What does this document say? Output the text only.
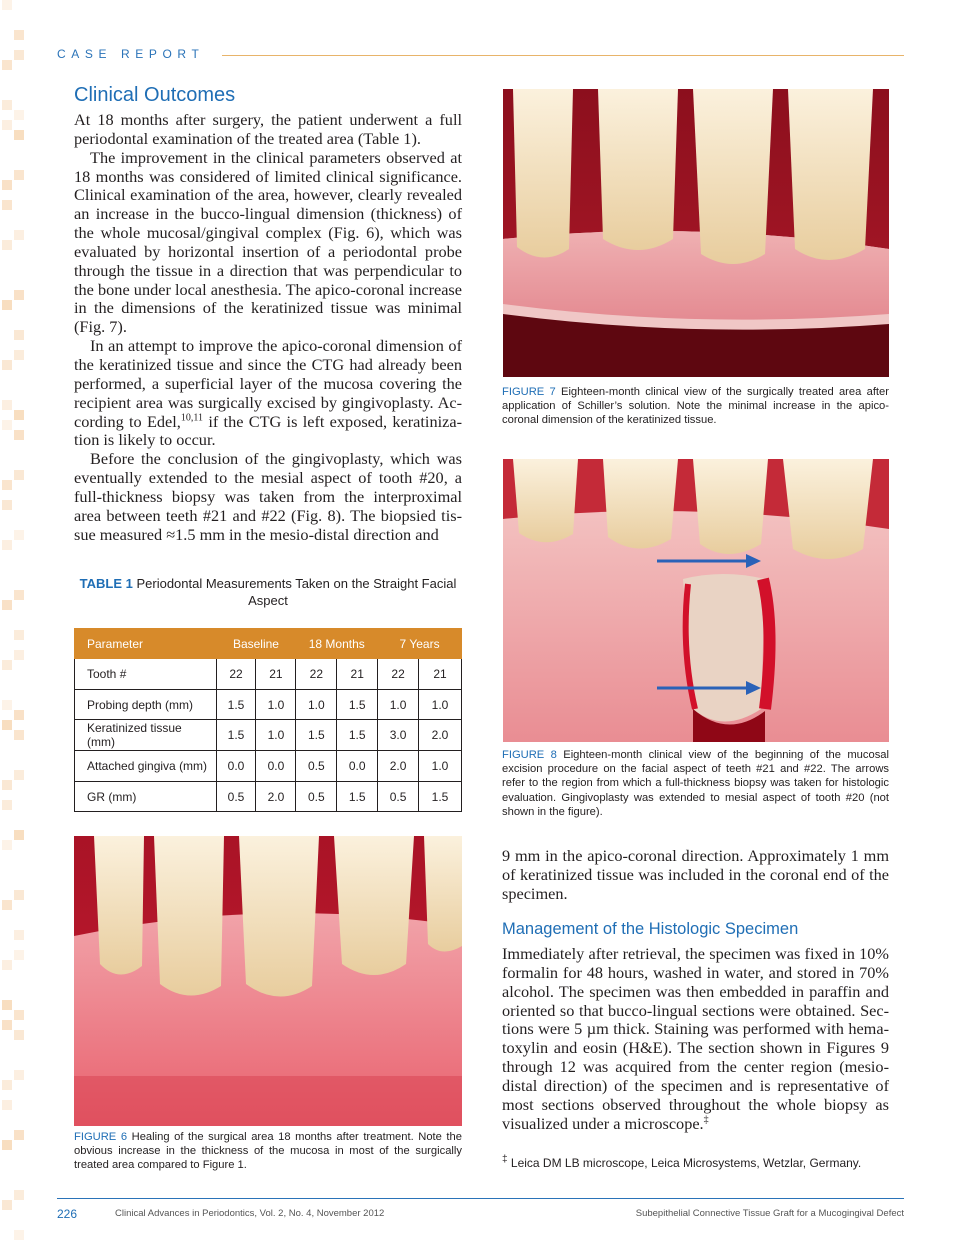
CASE REPORT
Clinical Outcomes

At 18 months after surgery, the patient underwent a full periodontal examination of the treated area (Table 1).

The improvement in the clinical parameters observed at 18 months was considered of limited clinical significance. Clinical examination of the area, however, clearly revealed an increase in the bucco-lingual dimension (thickness) of the whole mucosal/gingival complex (Fig. 6), which was evaluated by horizontal insertion of a periodontal probe through the tissue in a direction that was perpendicular to the bone under local anesthesia. The apico-coronal increase in the dimensions of the keratinized tissue was minimal (Fig. 7).

In an attempt to improve the apico-coronal dimension of the keratinized tissue and since the CTG had already been performed, a superficial layer of the mucosa covering the recipient area was surgically excised by gingivoplasty. According to Edel,$^{10,11}$ if the CTG is left exposed, keratinization is likely to occur.

Before the conclusion of the gingivoplasty, which was eventually extended to the mesial aspect of tooth #20, a full-thickness biopsy was taken from the interproximal area between teeth #21 and #22 (Fig. 8). The biopsied tissue measured ≈1.5 mm in the mesio-distal direction and

TABLE 1 Periodontal Measurements Taken on the Straight Facial Aspect
Parameter	Baseline		18 Months		7 Years	
Tooth #	22	21	22	21	22	21
Probing depth (mm)	1.5	1.0	1.0	1.5	1.0	1.0
Keratinized tissue (mm)	1.5	1.0	1.5	1.5	3.0	2.0
Attached gingiva (mm)	0.0	0.0	0.5	0.0	2.0	1.0
GR (mm)	0.5	2.0	0.5	1.5	0.5	1.5
FIGURE 6 Healing of the surgical area 18 months after treatment. Note the obvious increase in the thickness of the mucosa in most of the surgically treated area compared to Figure 1.
FIGURE 7 Eighteen-month clinical view of the surgically treated area after application of Schiller’s solution. Note the minimal increase in the apico-coronal dimension of the keratinized tissue.
FIGURE 8 Eighteen-month clinical view of the beginning of the mucosal excision procedure on the facial aspect of teeth #21 and #22. The arrows refer to the region from which a full-thickness biopsy was taken for histologic evaluation. Gingivoplasty was extended to mesial aspect of tooth #20 (not shown in the figure).

9 mm in the apico-coronal direction. Approximately 1 mm of keratinized tissue was included in the coronal end of the specimen.

Management of the Histologic Specimen

Immediately after retrieval, the specimen was fixed in 10% formalin for 48 hours, washed in water, and stored in 70% alcohol. The specimen was then embedded in paraffin and oriented so that bucco-lingual sections were obtained. Sections were 5 µm thick. Staining was performed with hematoxylin and eosin (H&E). The section shown in Figures 9 through 12 was acquired from the center region (mesio-distal direction) of the specimen and is representative of most sections observed throughout the whole biopsy as visualized under a microscope.‡

‡ Leica DM LB microscope, Leica Microsystems, Wetzlar, Germany.
226	Clinical Advances in Periodontics, Vol. 2, No. 4, November 2012	Subepithelial Connective Tissue Graft for a Mucogingival Defect
